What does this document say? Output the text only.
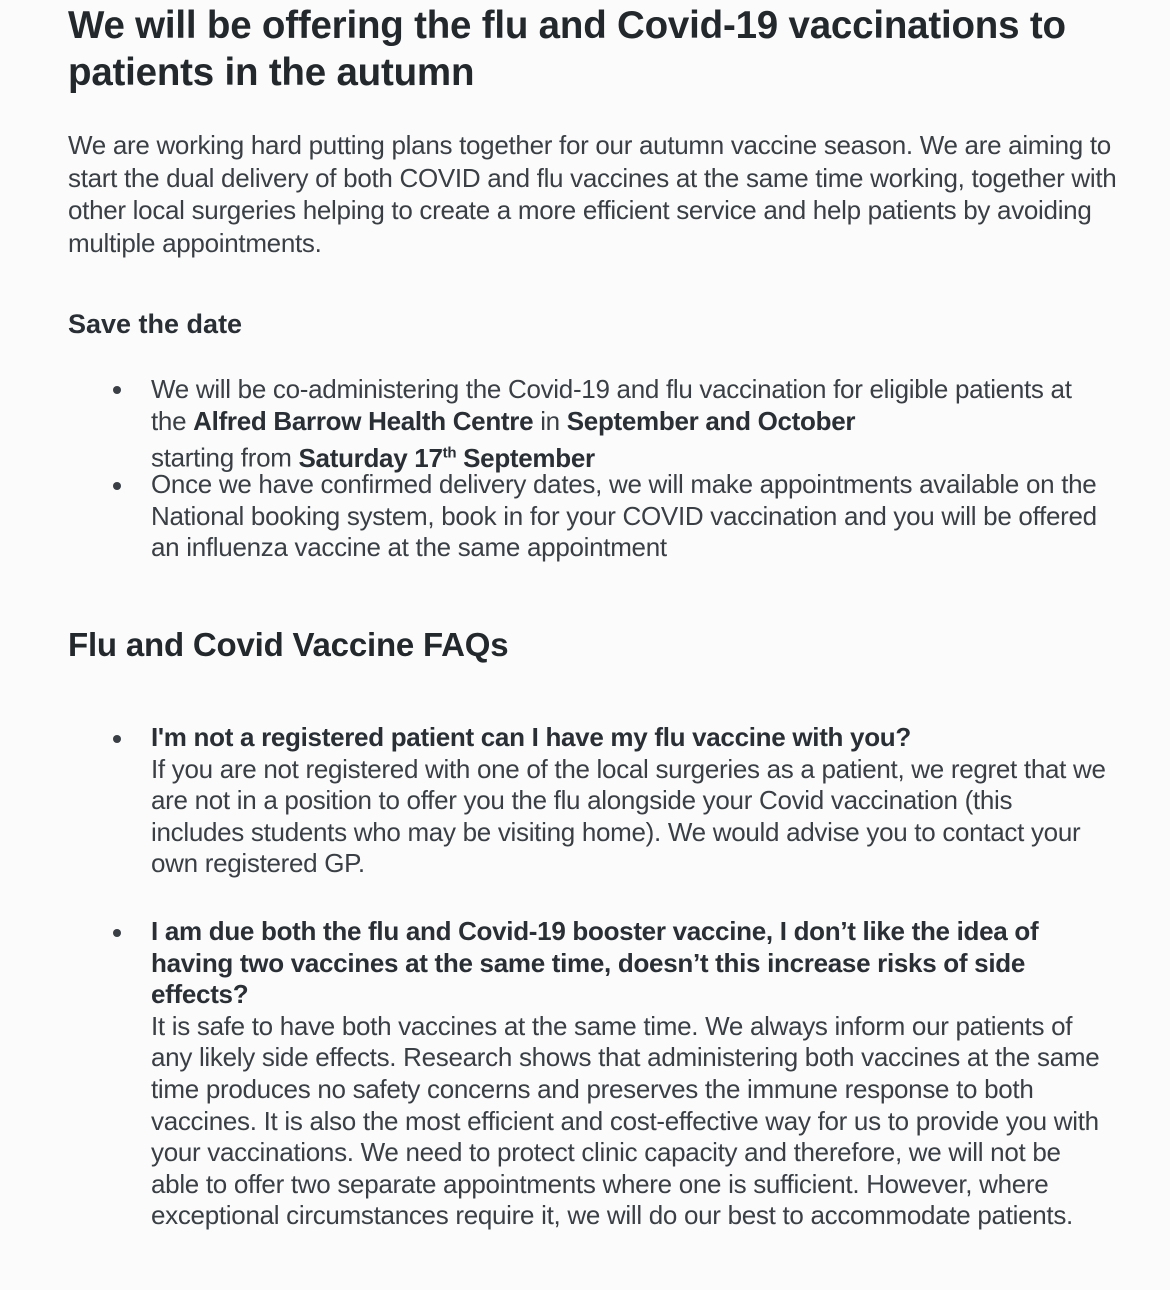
We will be offering the flu and Covid-19 vaccinations to patients in the autumn

We are working hard putting plans together for our autumn vaccine season. We are aiming to start the dual delivery of both COVID and flu vaccines at the same time working, together with other local surgeries helping to create a more efficient service and help patients by avoiding multiple appointments.

Save the date

We will be co-administering the Covid-19 and flu vaccination for eligible patients at the Alfred Barrow Health Centre in September and October
starting from Saturday 17th September

Once we have confirmed delivery dates, we will make appointments available on the National booking system, book in for your COVID vaccination and you will be offered an influenza vaccine at the same appointment

Flu and Covid Vaccine FAQs

I'm not a registered patient can I have my flu vaccine with you?
If you are not registered with one of the local surgeries as a patient, we regret that we are not in a position to offer you the flu alongside your Covid vaccination (this includes students who may be visiting home). We would advise you to contact your own registered GP.

I am due both the flu and Covid-19 booster vaccine, I don’t like the idea of having two vaccines at the same time, doesn’t this increase risks of side effects?
It is safe to have both vaccines at the same time. We always inform our patients of any likely side effects. Research shows that administering both vaccines at the same time produces no safety concerns and preserves the immune response to both vaccines. It is also the most efficient and cost-effective way for us to provide you with your vaccinations. We need to protect clinic capacity and therefore, we will not be able to offer two separate appointments where one is sufficient. However, where exceptional circumstances require it, we will do our best to accommodate patients.
